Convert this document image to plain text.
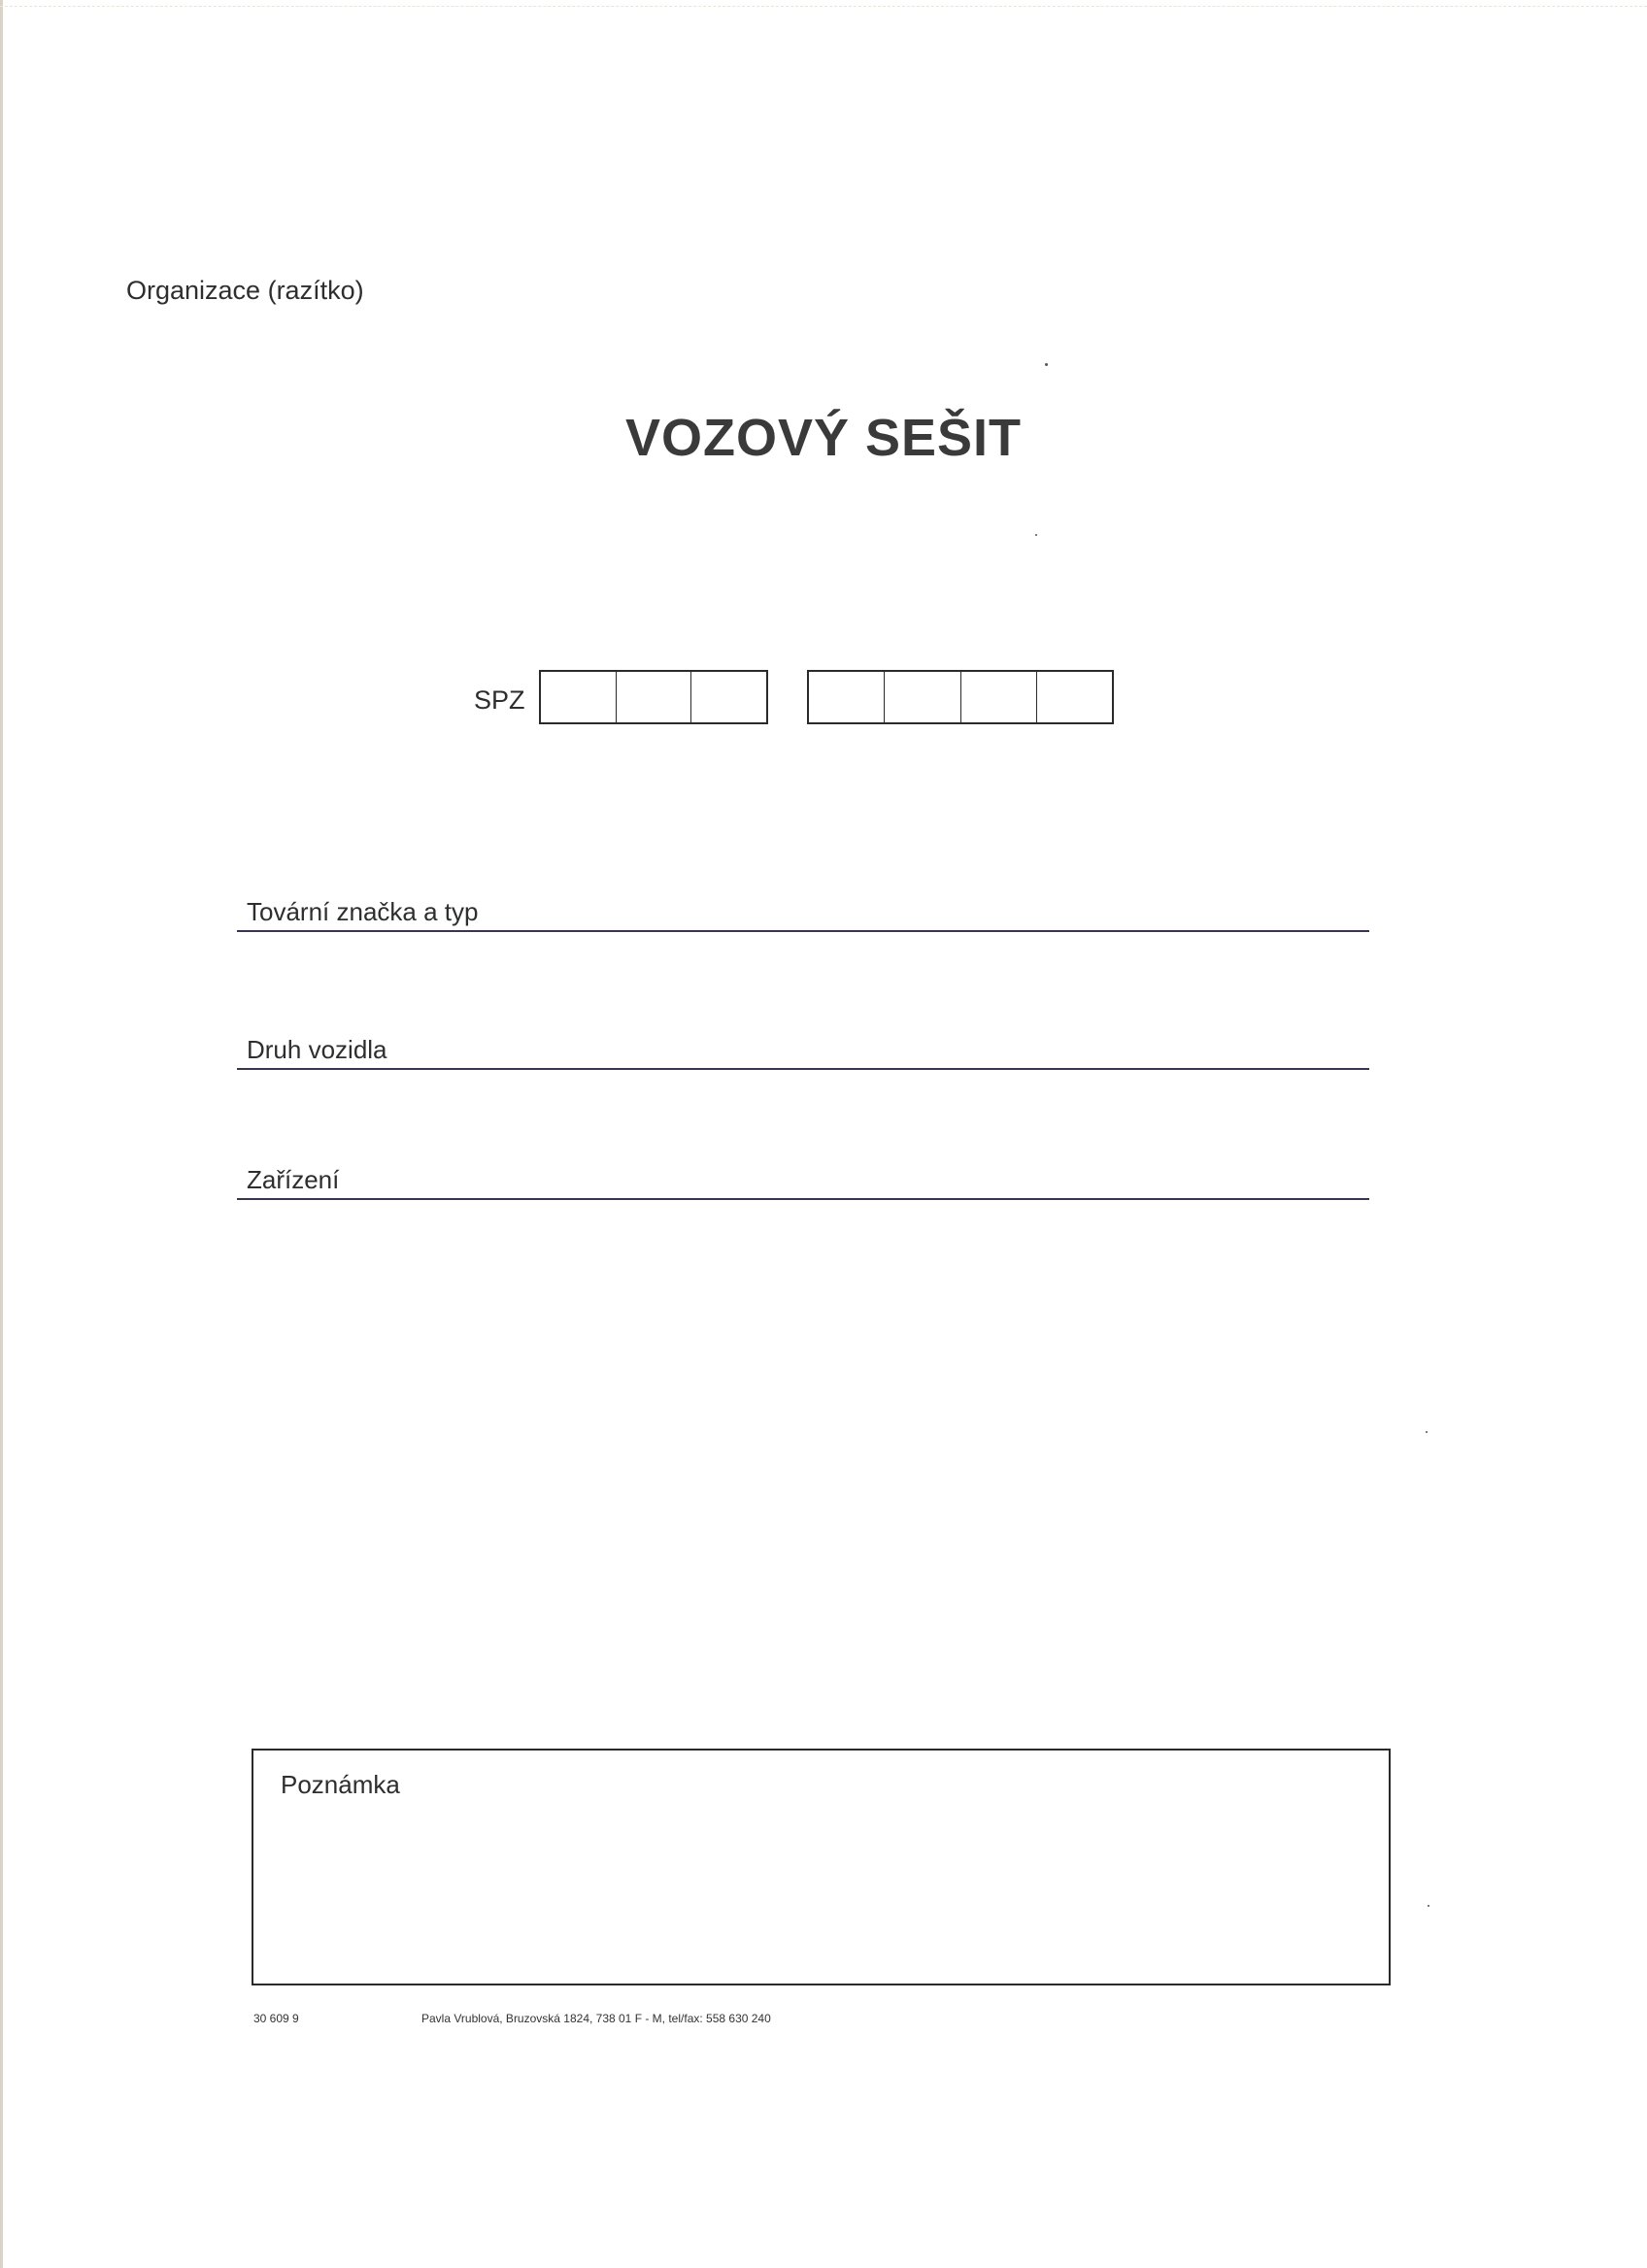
Organizace (razítko)
VOZOVÝ SEŠIT
SPZ
Tovární značka a typ
Druh vozidla
Zařízení
Poznámka
30 609 9	Pavla Vrublová, Bruzovská 1824, 738 01 F - M, tel/fax: 558 630 240
